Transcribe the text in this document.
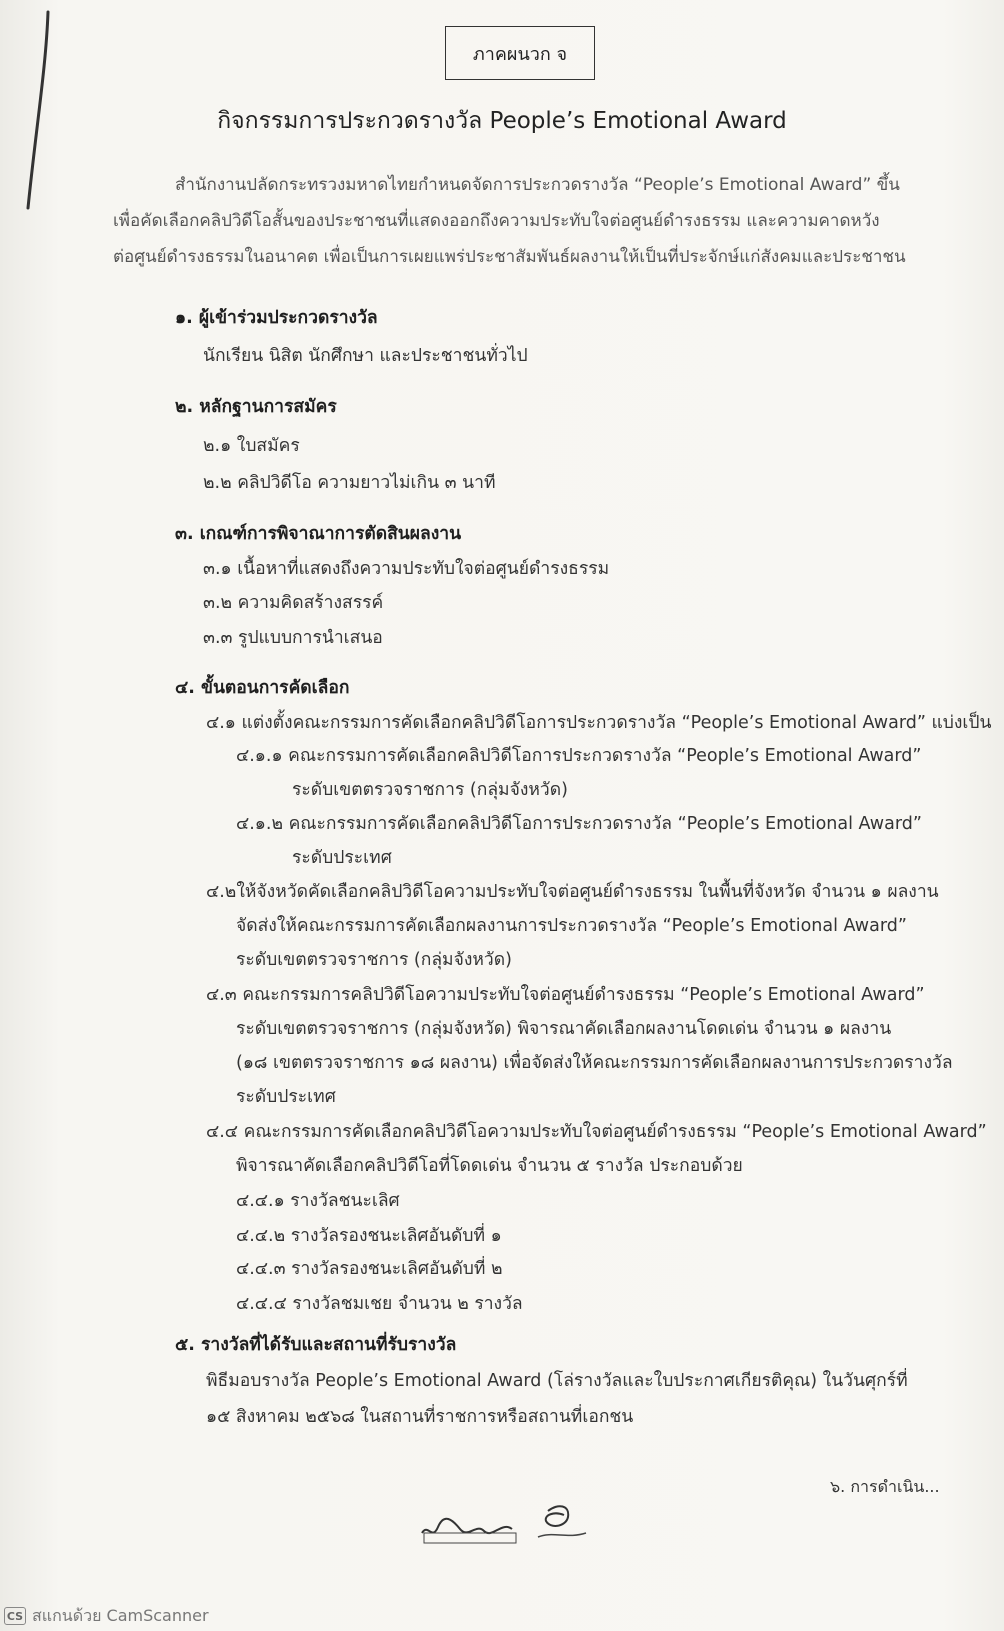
ภาคผนวก จ
กิจกรรมการประกวดรางวัล People’s Emotional Award
สำนักงานปลัดกระทรวงมหาดไทยกำหนดจัดการประกวดรางวัล “People’s Emotional Award” ขึ้น
เพื่อคัดเลือกคลิปวิดีโอสั้นของประชาชนที่แสดงออกถึงความประทับใจต่อศูนย์ดำรงธรรม และความคาดหวัง
ต่อศูนย์ดำรงธรรมในอนาคต เพื่อเป็นการเผยแพร่ประชาสัมพันธ์ผลงานให้เป็นที่ประจักษ์แก่สังคมและประชาชน
๑. ผู้เข้าร่วมประกวดรางวัล
นักเรียน นิสิต นักศึกษา และประชาชนทั่วไป
๒. หลักฐานการสมัคร
๒.๑ ใบสมัคร
๒.๒ คลิปวิดีโอ ความยาวไม่เกิน ๓ นาที
๓. เกณฑ์การพิจาณาการตัดสินผลงาน
๓.๑ เนื้อหาที่แสดงถึงความประทับใจต่อศูนย์ดำรงธรรม
๓.๒ ความคิดสร้างสรรค์
๓.๓ รูปแบบการนำเสนอ
๔. ขั้นตอนการคัดเลือก
๔.๑ แต่งตั้งคณะกรรมการคัดเลือกคลิปวิดีโอการประกวดรางวัล “People’s Emotional Award” แบ่งเป็น
๔.๑.๑ คณะกรรมการคัดเลือกคลิปวิดีโอการประกวดรางวัล “People’s Emotional Award”
ระดับเขตตรวจราชการ (กลุ่มจังหวัด)
๔.๑.๒ คณะกรรมการคัดเลือกคลิปวิดีโอการประกวดรางวัล “People’s Emotional Award”
ระดับประเทศ
๔.๒ให้จังหวัดคัดเลือกคลิปวิดีโอความประทับใจต่อศูนย์ดำรงธรรม ในพื้นที่จังหวัด จำนวน ๑ ผลงาน
จัดส่งให้คณะกรรมการคัดเลือกผลงานการประกวดรางวัล “People’s Emotional Award”
ระดับเขตตรวจราชการ (กลุ่มจังหวัด)
๔.๓ คณะกรรมการคลิปวิดีโอความประทับใจต่อศูนย์ดำรงธรรม “People’s Emotional Award”
ระดับเขตตรวจราชการ (กลุ่มจังหวัด) พิจารณาคัดเลือกผลงานโดดเด่น จำนวน ๑ ผลงาน
(๑๘ เขตตรวจราชการ ๑๘ ผลงาน) เพื่อจัดส่งให้คณะกรรมการคัดเลือกผลงานการประกวดรางวัล
ระดับประเทศ
๔.๔ คณะกรรมการคัดเลือกคลิปวิดีโอความประทับใจต่อศูนย์ดำรงธรรม “People’s Emotional Award”
พิจารณาคัดเลือกคลิปวิดีโอที่โดดเด่น จำนวน ๕ รางวัล ประกอบด้วย
๔.๔.๑ รางวัลชนะเลิศ
๔.๔.๒ รางวัลรองชนะเลิศอันดับที่ ๑
๔.๔.๓ รางวัลรองชนะเลิศอันดับที่ ๒
๔.๔.๔ รางวัลชมเชย จำนวน ๒ รางวัล
๕. รางวัลที่ได้รับและสถานที่รับรางวัล
พิธีมอบรางวัล People’s Emotional Award (โล่รางวัลและใบประกาศเกียรติคุณ) ในวันศุกร์ที่
๑๕ สิงหาคม ๒๕๖๘ ในสถานที่ราชการหรือสถานที่เอกชน
๖. การดำเนิน...
CS สแกนด้วย CamScanner
